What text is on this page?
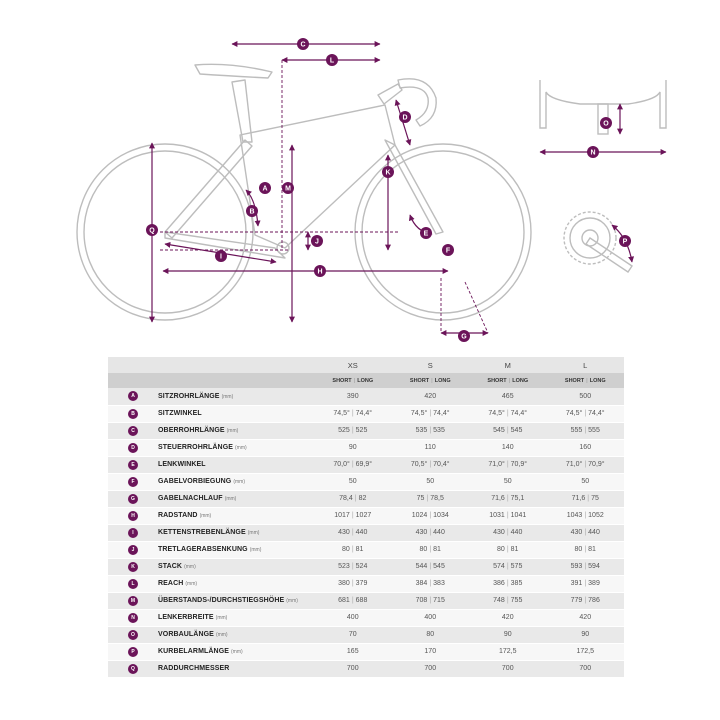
C
L
D
K
A	M
B
Q	E
J
F
I
H
G
O
N
P
		XS	S	M	L
		SHORT | LONG	SHORT | LONG	SHORT | LONG	SHORT | LONG
A	SITZROHRLÄNGE (mm)	390	420	465	500
B	SITZWINKEL	74,5° | 74,4°	74,5° | 74,4°	74,5° | 74,4°	74,5° | 74,4°
C	OBERROHRLÄNGE (mm)	525 | 525	535 | 535	545 | 545	555 | 555
D	STEUERROHRLÄNGE (mm)	90	110	140	160
E	LENKWINKEL	70,0° | 69,9°	70,5° | 70,4°	71,0° | 70,9°	71,0° | 70,9°
F	GABELVORBIEGUNG (mm)	50	50	50	50
G	GABELNACHLAUF (mm)	78,4 | 82	75 | 78,5	71,6 | 75,1	71,6 | 75
H	RADSTAND (mm)	1017 | 1027	1024 | 1034	1031 | 1041	1043 | 1052
I	KETTENSTREBENLÄNGE (mm)	430 | 440	430 | 440	430 | 440	430 | 440
J	TRETLAGERABSENKUNG (mm)	80 | 81	80 | 81	80 | 81	80 | 81
K	STACK (mm)	523 | 524	544 | 545	574 | 575	593 | 594
L	REACH (mm)	380 | 379	384 | 383	386 | 385	391 | 389
M	ÜBERSTANDS-/DURCHSTIEGSHÖHE (mm)	681 | 688	708 | 715	748 | 755	779 | 786
N	LENKERBREITE (mm)	400	400	420	420
O	VORBAULÄNGE (mm)	70	80	90	90
P	KURBELARMLÄNGE (mm)	165	170	172,5	172,5
Q	RADDURCHMESSER	700	700	700	700
